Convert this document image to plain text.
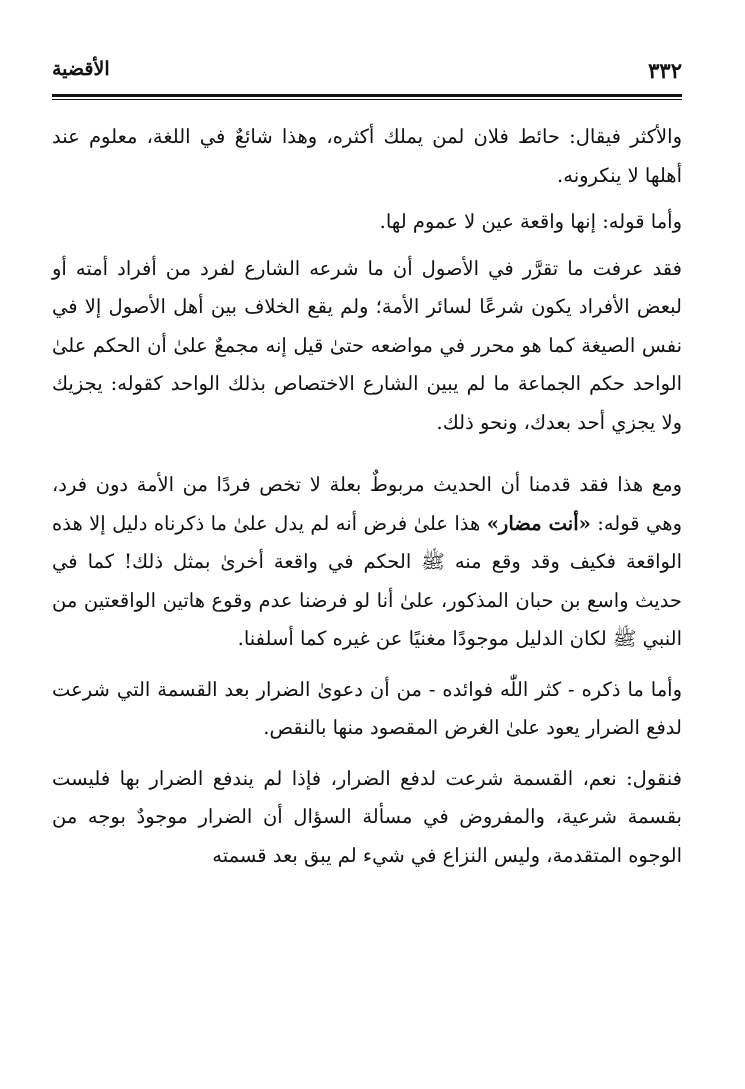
٣٣٢
الأقضية

والأكثر فيقال: حائط فلان لمن يملك أكثره، وهذا شائعٌ في اللغة، معلوم عند أهلها لا ينكرونه.

وأما قوله: إنها واقعة عين لا عموم لها.

فقد عرفت ما تقرَّر في الأصول أن ما شرعه الشارع لفرد من أفراد أمته أو لبعض الأفراد يكون شرعًا لسائر الأمة؛ ولم يقع الخلاف بين أهل الأصول إلا في نفس الصيغة كما هو محرر في مواضعه حتىٰ قيل إنه مجمعٌ علىٰ أن الحكم علىٰ الواحد حكم الجماعة ما لم يبين الشارع الاختصاص بذلك الواحد كقوله: يجزيك ولا يجزي أحد بعدك، ونحو ذلك.

ومع هذا فقد قدمنا أن الحديث مربوطٌ بعلة لا تخص فردًا من الأمة دون فرد، وهي قوله: «أنت مضار» هذا علىٰ فرض أنه لم يدل علىٰ ما ذكرناه دليل إلا هذه الواقعة فكيف وقد وقع منه ﷺ الحكم في واقعة أخرىٰ بمثل ذلك! كما في حديث واسع بن حبان المذكور، علىٰ أنا لو فرضنا عدم وقوع هاتين الواقعتين من النبي ﷺ لكان الدليل موجودًا مغنيًا عن غيره كما أسلفنا.

وأما ما ذكره - كثر اللّٰه فوائده - من أن دعوىٰ الضرار بعد القسمة التي شرعت لدفع الضرار يعود علىٰ الغرض المقصود منها بالنقص.

فنقول: نعم، القسمة شرعت لدفع الضرار، فإذا لم يندفع الضرار بها فليست بقسمة شرعية، والمفروض في مسألة السؤال أن الضرار موجودٌ بوجه من الوجوه المتقدمة، وليس النزاع في شيء لم يبق بعد قسمته
